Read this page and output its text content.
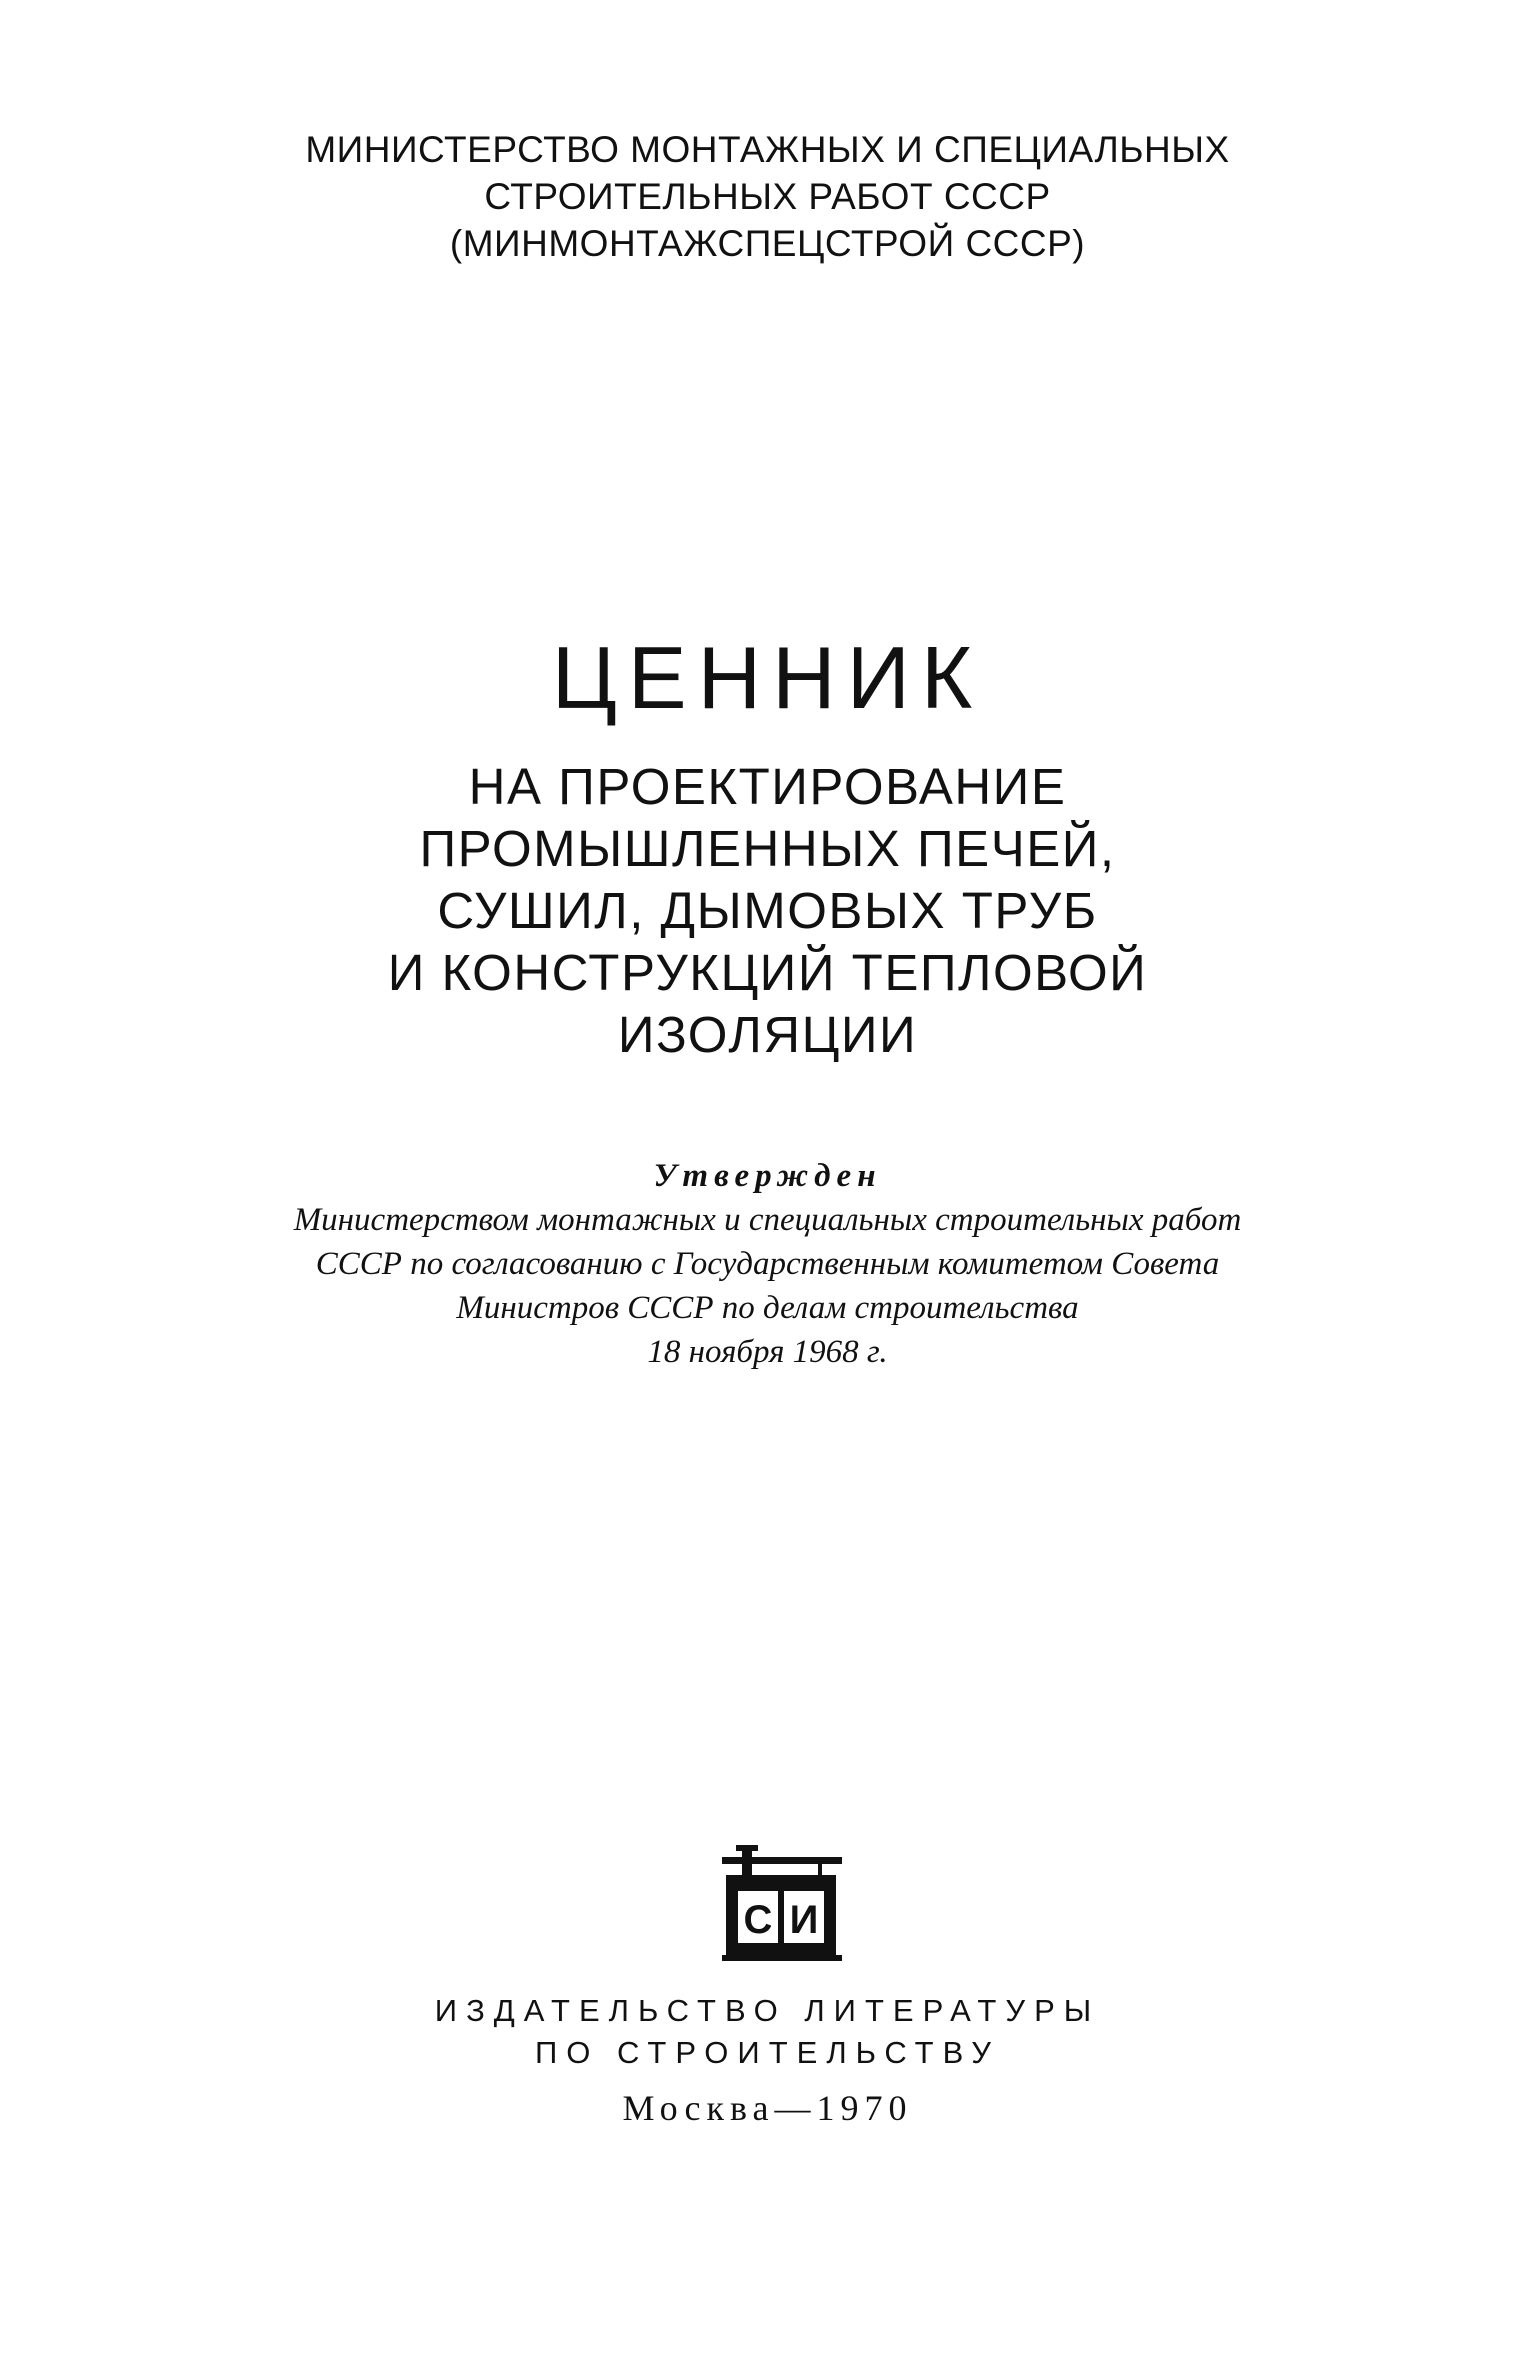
МИНИСТЕРСТВО МОНТАЖНЫХ И СПЕЦИАЛЬНЫХ
СТРОИТЕЛЬНЫХ РАБОТ СССР
(МИНМОНТАЖСПЕЦСТРОЙ СССР)
ЦЕННИК
НА ПРОЕКТИРОВАНИЕ
ПРОМЫШЛЕННЫХ ПЕЧЕЙ,
СУШИЛ, ДЫМОВЫХ ТРУБ
И КОНСТРУКЦИЙ ТЕПЛОВОЙ
ИЗОЛЯЦИИ
Утвержден
Министерством монтажных и специальных строительных работ
СССР по согласованию с Государственным комитетом Совета
Министров СССР по делам строительства
18 ноября 1968 г.
С И
ИЗДАТЕЛЬСТВО ЛИТЕРАТУРЫ
ПО СТРОИТЕЛЬСТВУ
Москва—1970
